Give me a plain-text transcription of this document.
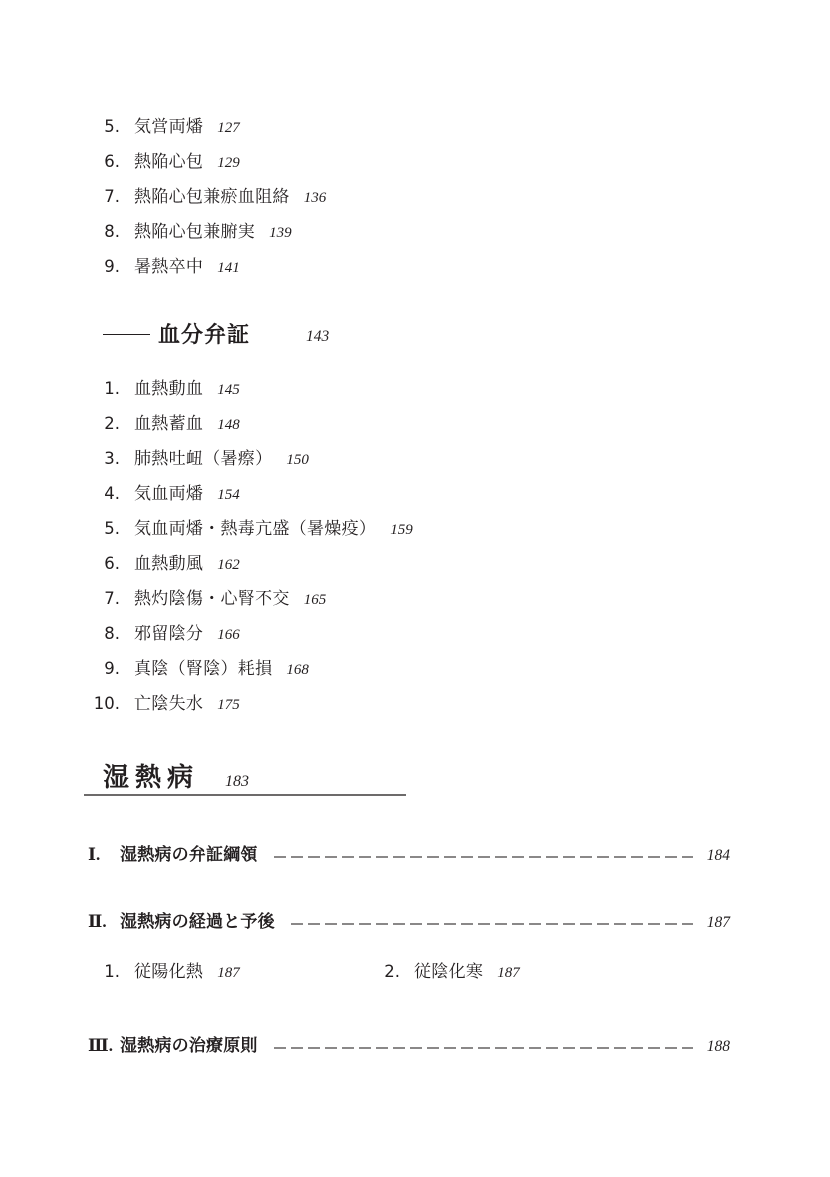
5. 気営両燔 127
6. 熱陥心包 129
7. 熱陥心包兼瘀血阻絡 136
8. 熱陥心包兼腑実 139
9. 暑熱卒中 141
血分弁証	143
1. 血熱動血 145
2. 血熱蓄血 148
3. 肺熱吐衄（暑瘵） 150
4. 気血両燔 154
5. 気血両燔・熱毒亢盛（暑燥疫） 159
6. 血熱動風 162
7. 熱灼陰傷・心腎不交 165
8. 邪留陰分 166
9. 真陰（腎陰）耗損 168
10. 亡陰失水 175
湿熱病 183
Ⅰ.	湿熱病の弁証綱領	184
Ⅱ. 湿熱病の経過と予後	187
1. 従陽化熱 187	2. 従陰化寒 187
Ⅲ. 湿熱病の治療原則	188
